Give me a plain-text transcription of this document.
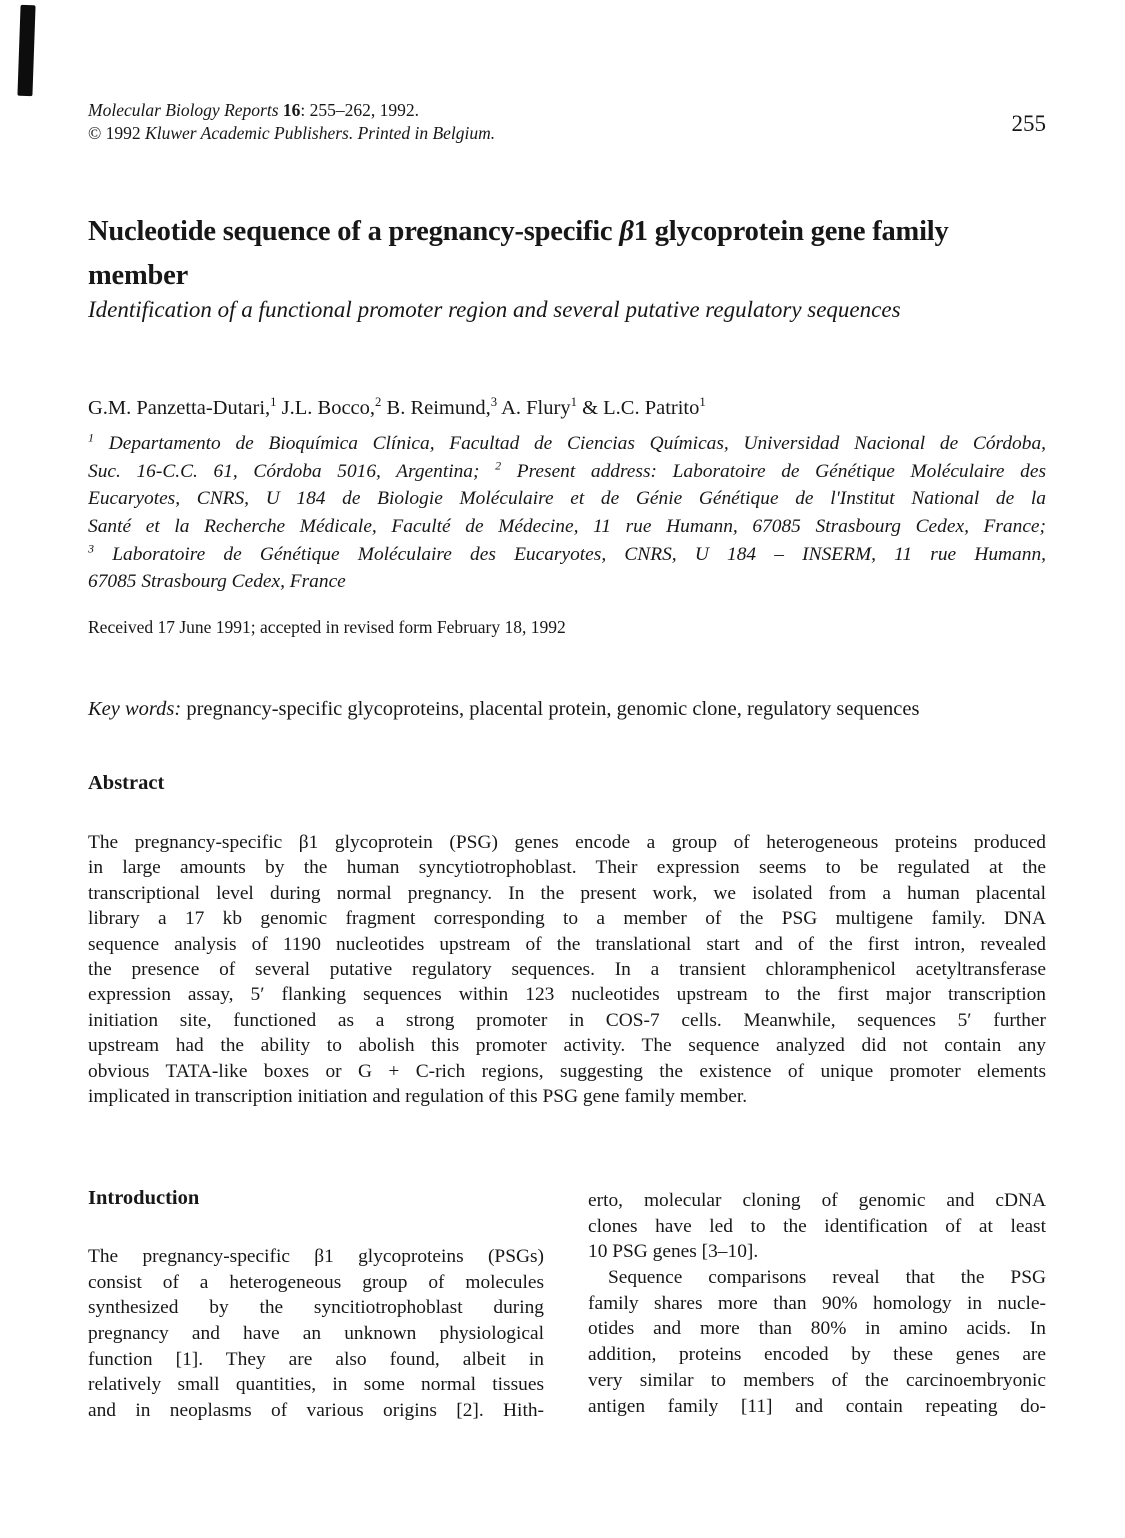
Molecular Biology Reports 16: 255–262, 1992.
© 1992 Kluwer Academic Publishers. Printed in Belgium.	255
Nucleotide sequence of a pregnancy-specific β1 glycoprotein gene family
member
Identification of a functional promoter region and several putative regulatory sequences
G.M. Panzetta-Dutari,$^1$ J.L. Bocco,$^2$ B. Reimund,$^3$ A. Flury$^1$ & L.C. Patrito$^1$
$^1$ Departamento de Bioquímica Clínica, Facultad de Ciencias Químicas, Universidad Nacional de Córdoba,
Suc. 16-C.C. 61, Córdoba 5016, Argentina; $^2$ Present address: Laboratoire de Génétique Moléculaire des
Eucaryotes, CNRS, U 184 de Biologie Moléculaire et de Génie Génétique de l'Institut National de la
Santé et la Recherche Médicale, Faculté de Médecine, 11 rue Humann, 67085 Strasbourg Cedex, France;
$^3$ Laboratoire de Génétique Moléculaire des Eucaryotes, CNRS, U 184 – INSERM, 11 rue Humann,
67085 Strasbourg Cedex, France
Received 17 June 1991; accepted in revised form February 18, 1992
Key words: pregnancy-specific glycoproteins, placental protein, genomic clone, regulatory sequences
Abstract
The pregnancy-specific β1 glycoprotein (PSG) genes encode a group of heterogeneous proteins produced
in large amounts by the human syncytiotrophoblast. Their expression seems to be regulated at the
transcriptional level during normal pregnancy. In the present work, we isolated from a human placental
library a 17 kb genomic fragment corresponding to a member of the PSG multigene family. DNA
sequence analysis of 1190 nucleotides upstream of the translational start and of the first intron, revealed
the presence of several putative regulatory sequences. In a transient chloramphenicol acetyltransferase
expression assay, 5′ flanking sequences within 123 nucleotides upstream to the first major transcription
initiation site, functioned as a strong promoter in COS-7 cells. Meanwhile, sequences 5′ further
upstream had the ability to abolish this promoter activity. The sequence analyzed did not contain any
obvious TATA-like boxes or G + C-rich regions, suggesting the existence of unique promoter elements
implicated in transcription initiation and regulation of this PSG gene family member.
Introduction
The pregnancy-specific β1 glycoproteins (PSGs)
consist of a heterogeneous group of molecules
synthesized by the syncitiotrophoblast during
pregnancy and have an unknown physiological
function [1]. They are also found, albeit in
relatively small quantities, in some normal tissues
and in neoplasms of various origins [2]. Hith-
erto, molecular cloning of genomic and cDNA
clones have led to the identification of at least
10 PSG genes [3–10].
Sequence comparisons reveal that the PSG
family shares more than 90% homology in nucle-
otides and more than 80% in amino acids. In
addition, proteins encoded by these genes are
very similar to members of the carcinoembryonic
antigen family [11] and contain repeating do-
